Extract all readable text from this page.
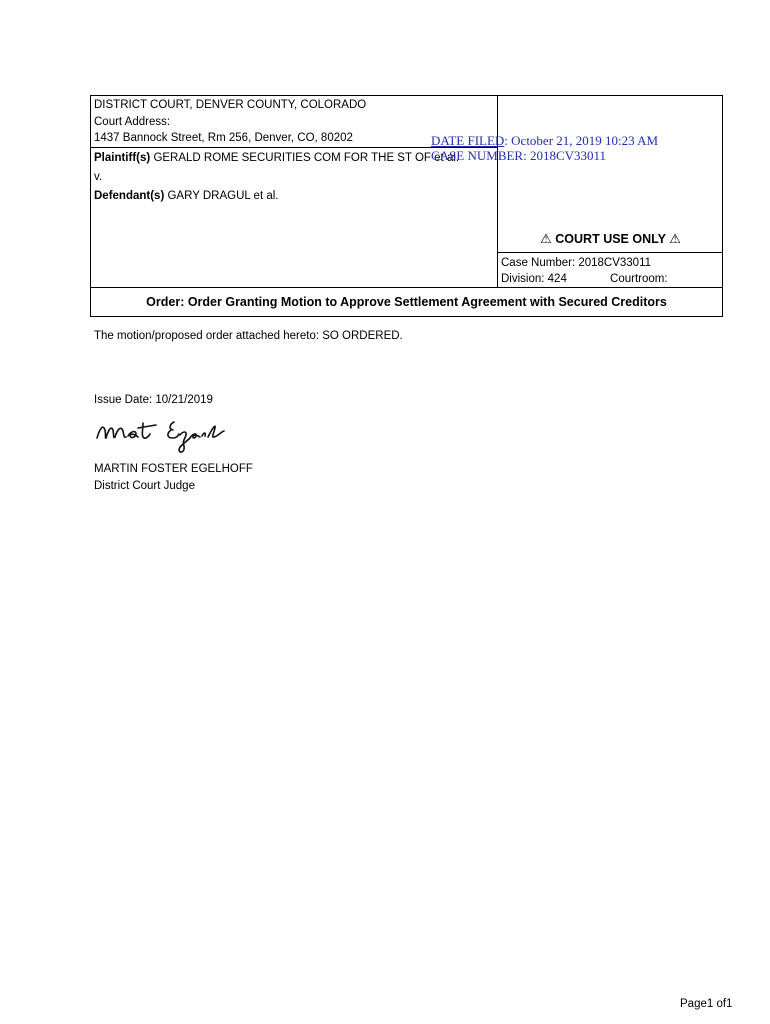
DISTRICT COURT, DENVER COUNTY, COLORADO
Court Address:
1437 Bannock Street, Rm 256, Denver, CO, 80202
Plaintiff(s) GERALD ROME SECURITIES COM FOR THE ST OF et al.
v.
Defendant(s) GARY DRAGUL et al.
DATE FILED: October 21, 2019 10:23 AM
CASE NUMBER: 2018CV33011
⚠ COURT USE ONLY ⚠
Case Number: 2018CV33011
Division: 424	Courtroom:
Order: Order Granting Motion to Approve Settlement Agreement with Secured Creditors
The motion/proposed order attached hereto: SO ORDERED.
Issue Date: 10/21/2019
MARTIN FOSTER EGELHOFF
District Court Judge
Page1 of1
